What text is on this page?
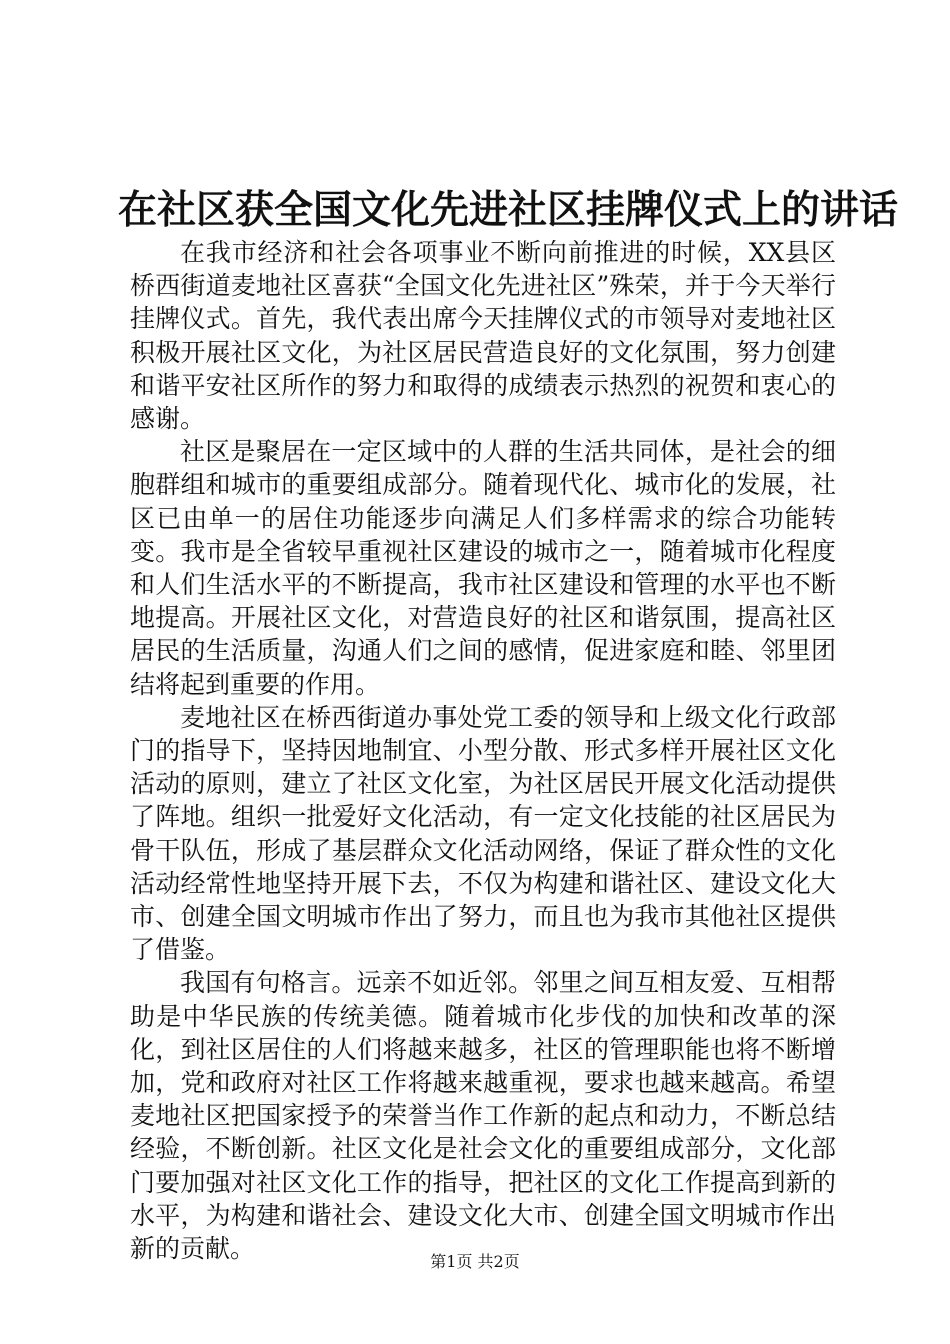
在社区获全国文化先进社区挂牌仪式上的讲话

在我市经济和社会各项事业不断向前推进的时候，XX县区桥西街道麦地社区喜获“全国文化先进社区”殊荣，并于今天举行挂牌仪式。首先，我代表出席今天挂牌仪式的市领导对麦地社区积极开展社区文化，为社区居民营造良好的文化氛围，努力创建和谐平安社区所作的努力和取得的成绩表示热烈的祝贺和衷心的感谢。

社区是聚居在一定区域中的人群的生活共同体，是社会的细胞群组和城市的重要组成部分。随着现代化、城市化的发展，社区已由单一的居住功能逐步向满足人们多样需求的综合功能转变。我市是全省较早重视社区建设的城市之一，随着城市化程度和人们生活水平的不断提高，我市社区建设和管理的水平也不断地提高。开展社区文化，对营造良好的社区和谐氛围，提高社区居民的生活质量，沟通人们之间的感情，促进家庭和睦、邻里团结将起到重要的作用。

麦地社区在桥西街道办事处党工委的领导和上级文化行政部门的指导下，坚持因地制宜、小型分散、形式多样开展社区文化活动的原则，建立了社区文化室，为社区居民开展文化活动提供了阵地。组织一批爱好文化活动，有一定文化技能的社区居民为骨干队伍，形成了基层群众文化活动网络，保证了群众性的文化活动经常性地坚持开展下去，不仅为构建和谐社区、建设文化大市、创建全国文明城市作出了努力，而且也为我市其他社区提供了借鉴。

我国有句格言。远亲不如近邻。邻里之间互相友爱、互相帮助是中华民族的传统美德。随着城市化步伐的加快和改革的深化，到社区居住的人们将越来越多，社区的管理职能也将不断增加，党和政府对社区工作将越来越重视，要求也越来越高。希望麦地社区把国家授予的荣誉当作工作新的起点和动力，不断总结经验，不断创新。社区文化是社会文化的重要组成部分，文化部门要加强对社区文化工作的指导，把社区的文化工作提高到新的水平，为构建和谐社会、建设文化大市、创建全国文明城市作出新的贡献。	第1页 共2页
